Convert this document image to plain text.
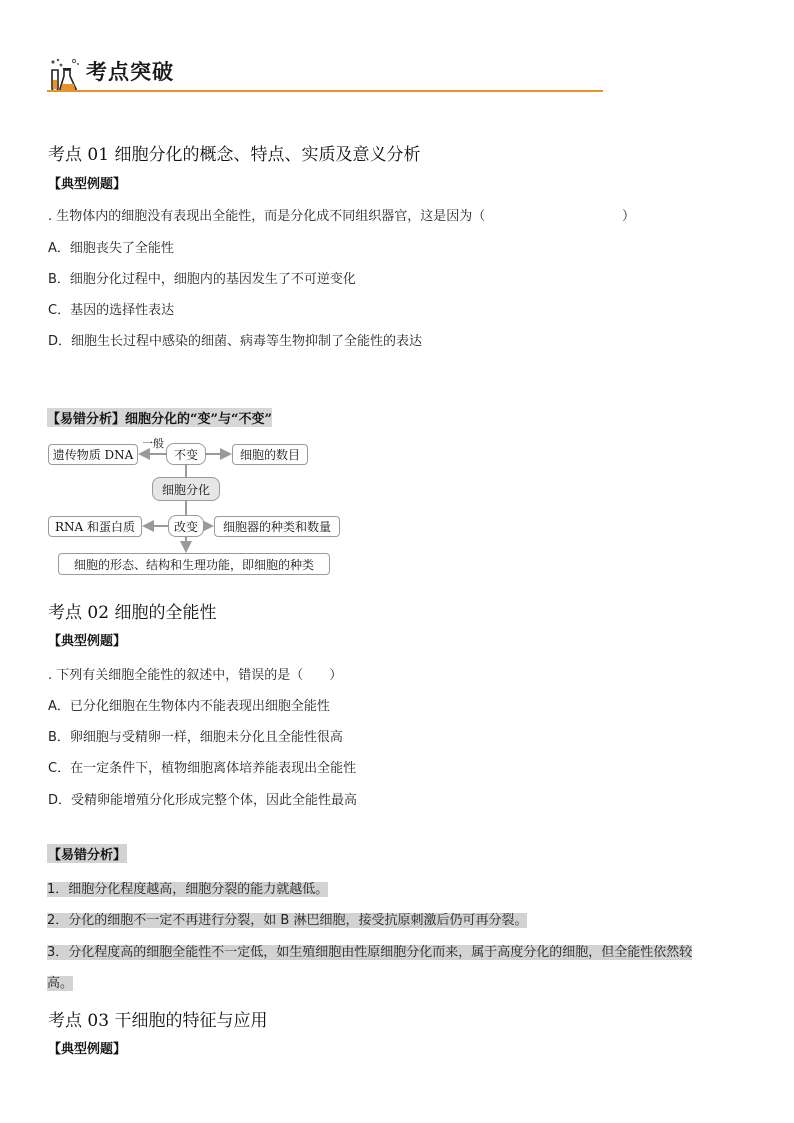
考点突破
考点 01 细胞分化的概念、特点、实质及意义分析
【典型例题】
. 生物体内的细胞没有表现出全能性，而是分化成不同组织器官，这是因为（	）
A．细胞丧失了全能性
B．细胞分化过程中，细胞内的基因发生了不可逆变化
C．基因的选择性表达
D．细胞生长过程中感染的细菌、病毒等生物抑制了全能性的表达
【易错分析】 细胞分化的“变”与“不变”
遗传物质 DNA
一般
不变	细胞的数目
细胞分化
RNA 和蛋白质	改变	细胞器的种类和数量
细胞的形态、结构和生理功能，即细胞的种类
考点 02 细胞的全能性
【典型例题】
. 下列有关细胞全能性的叙述中，错误的是（　　）
A．已分化细胞在生物体内不能表现出细胞全能性
B．卵细胞与受精卵一样，细胞未分化且全能性很高
C．在一定条件下，植物细胞离体培养能表现出全能性
D．受精卵能增殖分化形成完整个体，因此全能性最高
【易错分析】
1．细胞分化程度越高，细胞分裂的能力就越低。
2．分化的细胞不一定不再进行分裂，如 B 淋巴细胞，接受抗原刺激后仍可再分裂。
3．分化程度高的细胞全能性不一定低，如生殖细胞由性原细胞分化而来，属于高度分化的细胞，但全能性依然较
高。
考点 03 干细胞的特征与应用
【典型例题】
